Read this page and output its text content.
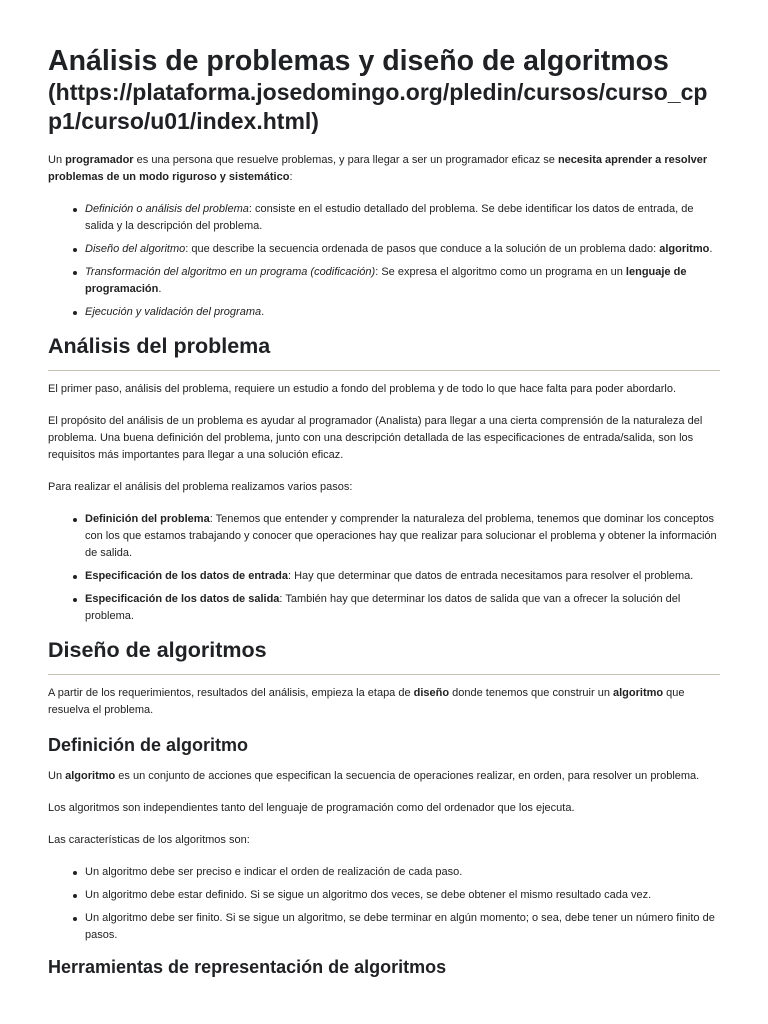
Análisis de problemas y diseño de algoritmos
(https://plataforma.josedomingo.org/pledin/cursos/curso_cpp1/curso/u01/index.html)

Un programador es una persona que resuelve problemas, y para llegar a ser un programador eficaz se necesita aprender a resolver problemas de un modo riguroso y sistemático:

Definición o análisis del problema: consiste en el estudio detallado del problema. Se debe identificar los datos de entrada, de salida y la descripción del problema.
Diseño del algoritmo: que describe la secuencia ordenada de pasos que conduce a la solución de un problema dado: algoritmo.
Transformación del algoritmo en un programa (codificación): Se expresa el algoritmo como un programa en un lenguaje de programación.
Ejecución y validación del programa.
Análisis del problema

El primer paso, análisis del problema, requiere un estudio a fondo del problema y de todo lo que hace falta para poder abordarlo.

El propósito del análisis de un problema es ayudar al programador (Analista) para llegar a una cierta comprensión de la naturaleza del problema. Una buena definición del problema, junto con una descripción detallada de las especificaciones de entrada/salida, son los requisitos más importantes para llegar a una solución eficaz.

Para realizar el análisis del problema realizamos varios pasos:

Definición del problema: Tenemos que entender y comprender la naturaleza del problema, tenemos que dominar los conceptos con los que estamos trabajando y conocer que operaciones hay que realizar para solucionar el problema y obtener la información de salida.
Especificación de los datos de entrada: Hay que determinar que datos de entrada necesitamos para resolver el problema.
Especificación de los datos de salida: También hay que determinar los datos de salida que van a ofrecer la solución del problema.
Diseño de algoritmos

A partir de los requerimientos, resultados del análisis, empieza la etapa de diseño donde tenemos que construir un algoritmo que resuelva el problema.

Definición de algoritmo

Un algoritmo es un conjunto de acciones que especifican la secuencia de operaciones realizar, en orden, para resolver un problema.

Los algoritmos son independientes tanto del lenguaje de programación como del ordenador que los ejecuta.

Las características de los algoritmos son:

Un algoritmo debe ser preciso e indicar el orden de realización de cada paso.
Un algoritmo debe estar definido. Si se sigue un algoritmo dos veces, se debe obtener el mismo resultado cada vez.
Un algoritmo debe ser finito. Si se sigue un algoritmo, se debe terminar en algún momento; o sea, debe tener un número finito de pasos.
Herramientas de representación de algoritmos
